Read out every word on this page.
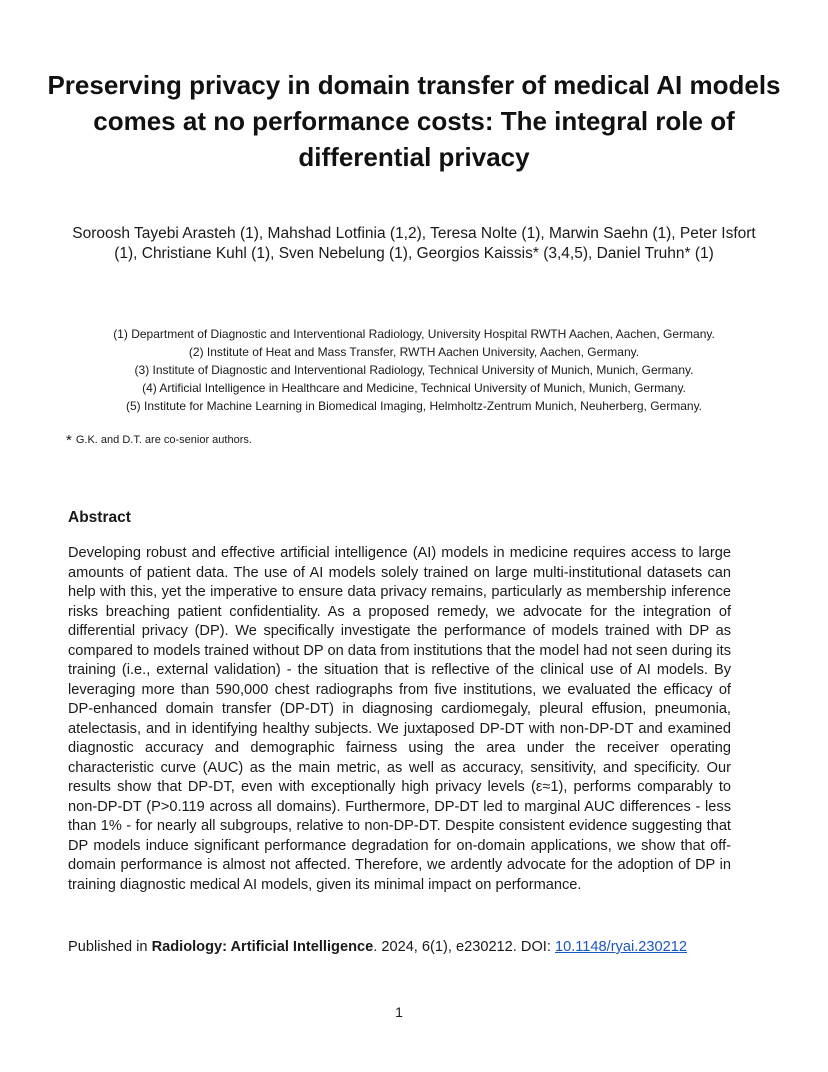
Preserving privacy in domain transfer of medical AI models comes at no performance costs: The integral role of differential privacy
Soroosh Tayebi Arasteh (1), Mahshad Lotfinia (1,2), Teresa Nolte (1), Marwin Saehn (1), Peter Isfort (1), Christiane Kuhl (1), Sven Nebelung (1), Georgios Kaissis* (3,4,5), Daniel Truhn* (1)
(1) Department of Diagnostic and Interventional Radiology, University Hospital RWTH Aachen, Aachen, Germany.
(2) Institute of Heat and Mass Transfer, RWTH Aachen University, Aachen, Germany.
(3) Institute of Diagnostic and Interventional Radiology, Technical University of Munich, Munich, Germany.
(4) Artificial Intelligence in Healthcare and Medicine, Technical University of Munich, Munich, Germany.
(5) Institute for Machine Learning in Biomedical Imaging, Helmholtz-Zentrum Munich, Neuherberg, Germany.
* G.K. and D.T. are co-senior authors.
Abstract
Developing robust and effective artificial intelligence (AI) models in medicine requires access to large amounts of patient data. The use of AI models solely trained on large multi-institutional datasets can help with this, yet the imperative to ensure data privacy remains, particularly as membership inference risks breaching patient confidentiality. As a proposed remedy, we advocate for the integration of differential privacy (DP). We specifically investigate the performance of models trained with DP as compared to models trained without DP on data from institutions that the model had not seen during its training (i.e., external validation) - the situation that is reflective of the clinical use of AI models. By leveraging more than 590,000 chest radiographs from five institutions, we evaluated the efficacy of DP-enhanced domain transfer (DP-DT) in diagnosing cardiomegaly, pleural effusion, pneumonia, atelectasis, and in identifying healthy subjects. We juxtaposed DP-DT with non-DP-DT and examined diagnostic accuracy and demographic fairness using the area under the receiver operating characteristic curve (AUC) as the main metric, as well as accuracy, sensitivity, and specificity. Our results show that DP-DT, even with exceptionally high privacy levels (ε≈1), performs comparably to non-DP-DT (P>0.119 across all domains). Furthermore, DP-DT led to marginal AUC differences - less than 1% - for nearly all subgroups, relative to non-DP-DT. Despite consistent evidence suggesting that DP models induce significant performance degradation for on-domain applications, we show that off-domain performance is almost not affected. Therefore, we ardently advocate for the adoption of DP in training diagnostic medical AI models, given its minimal impact on performance.
Published in Radiology: Artificial Intelligence. 2024, 6(1), e230212. DOI: 10.1148/ryai.230212
1
